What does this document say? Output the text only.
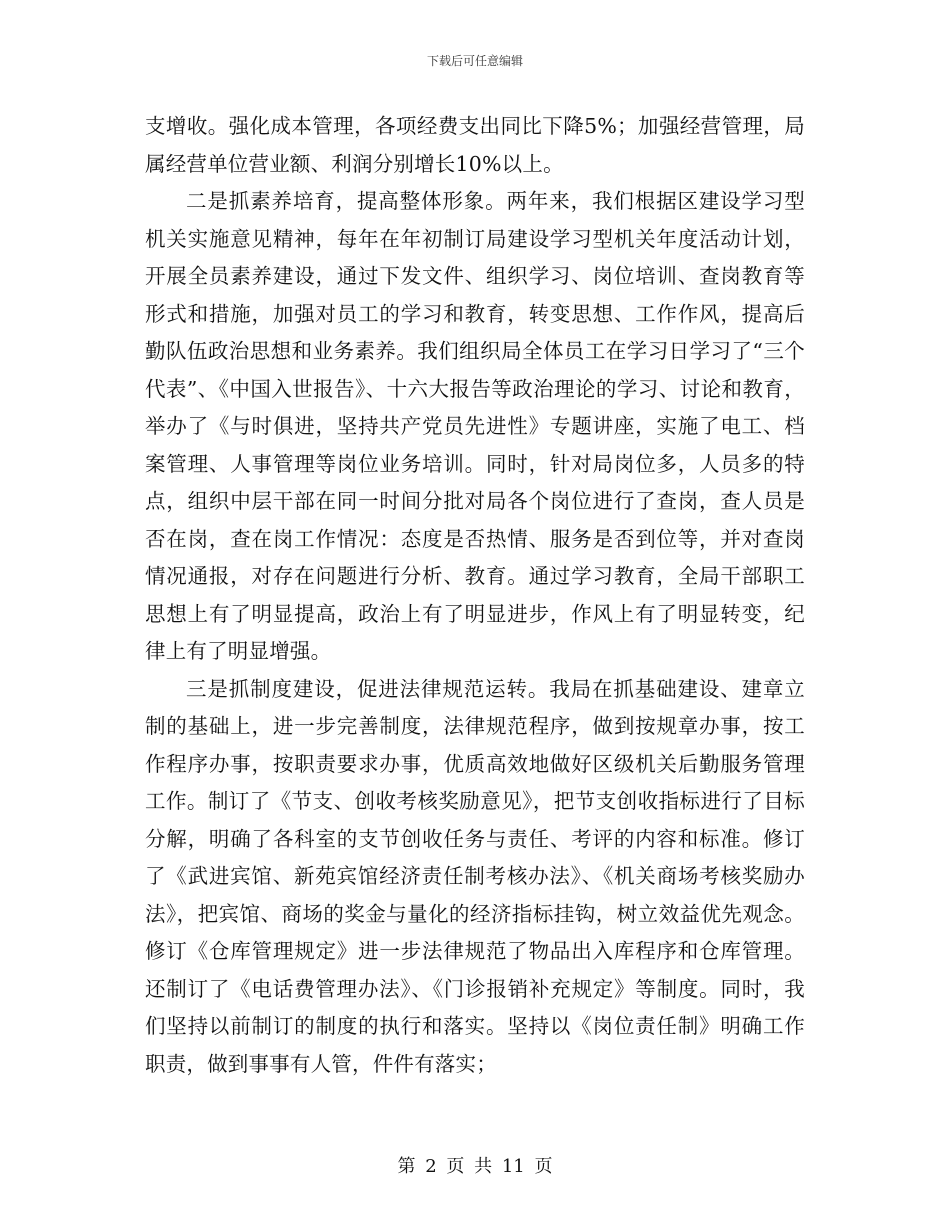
下载后可任意编辑

支增收。强化成本管理，各项经费支出同比下降5%；加强经营管理，局属经营单位营业额、利润分别增长10%以上。

二是抓素养培育，提高整体形象。两年来，我们根据区建设学习型机关实施意见精神，每年在年初制订局建设学习型机关年度活动计划，开展全员素养建设，通过下发文件、组织学习、岗位培训、查岗教育等形式和措施，加强对员工的学习和教育，转变思想、工作作风，提高后勤队伍政治思想和业务素养。我们组织局全体员工在学习日学习了“三个代表”、《中国入世报告》、十六大报告等政治理论的学习、讨论和教育，举办了《与时俱进，坚持共产党员先进性》专题讲座，实施了电工、档案管理、人事管理等岗位业务培训。同时，针对局岗位多，人员多的特点，组织中层干部在同一时间分批对局各个岗位进行了查岗，查人员是否在岗，查在岗工作情况：态度是否热情、服务是否到位等，并对查岗情况通报，对存在问题进行分析、教育。通过学习教育，全局干部职工思想上有了明显提高，政治上有了明显进步，作风上有了明显转变，纪律上有了明显增强。

三是抓制度建设，促进法律规范运转。我局在抓基础建设、建章立制的基础上，进一步完善制度，法律规范程序，做到按规章办事，按工作程序办事，按职责要求办事，优质高效地做好区级机关后勤服务管理工作。制订了《节支、创收考核奖励意见》，把节支创收指标进行了目标分解，明确了各科室的支节创收任务与责任、考评的内容和标准。修订了《武进宾馆、新苑宾馆经济责任制考核办法》、《机关商场考核奖励办法》，把宾馆、商场的奖金与量化的经济指标挂钩，树立效益优先观念。修订《仓库管理规定》进一步法律规范了物品出入库程序和仓库管理。还制订了《电话费管理办法》、《门诊报销补充规定》等制度。同时，我们坚持以前制订的制度的执行和落实。坚持以《岗位责任制》明确工作职责，做到事事有人管，件件有落实；

第 2 页 共 11 页
